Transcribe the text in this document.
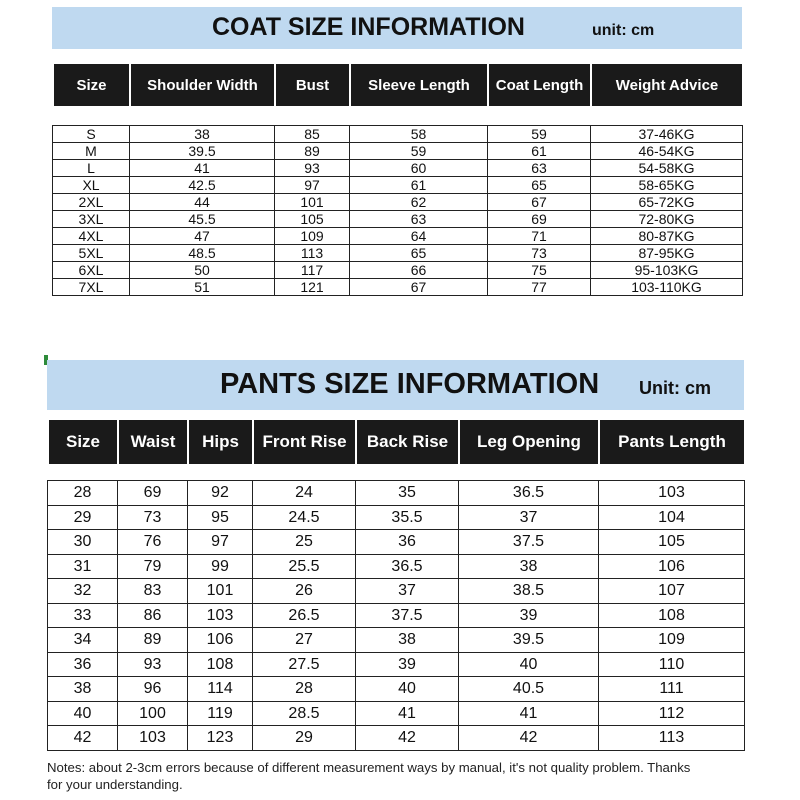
COAT SIZE INFORMATION	unit: cm
Size	Shoulder Width	Bust	Sleeve Length	Coat Length	Weight Advice
S	38	85	58	59	37-46KG
M	39.5	89	59	61	46-54KG
L	41	93	60	63	54-58KG
XL	42.5	97	61	65	58-65KG
2XL	44	101	62	67	65-72KG
3XL	45.5	105	63	69	72-80KG
4XL	47	109	64	71	80-87KG
5XL	48.5	113	65	73	87-95KG
6XL	50	117	66	75	95-103KG
7XL	51	121	67	77	103-110KG
PANTS SIZE INFORMATION Unit: cm
Size	Waist	Hips	Front Rise	Back Rise	Leg Opening	Pants Length
28	69	92	24	35	36.5	103
29	73	95	24.5	35.5	37	104
30	76	97	25	36	37.5	105
31	79	99	25.5	36.5	38	106
32	83	101	26	37	38.5	107
33	86	103	26.5	37.5	39	108
34	89	106	27	38	39.5	109
36	93	108	27.5	39	40	110
38	96	114	28	40	40.5	111
40	100	119	28.5	41	41	112
42	103	123	29	42	42	113
Notes: about 2-3cm errors because of different measurement ways by manual, it's not quality problem. Thanks
for your understanding.
